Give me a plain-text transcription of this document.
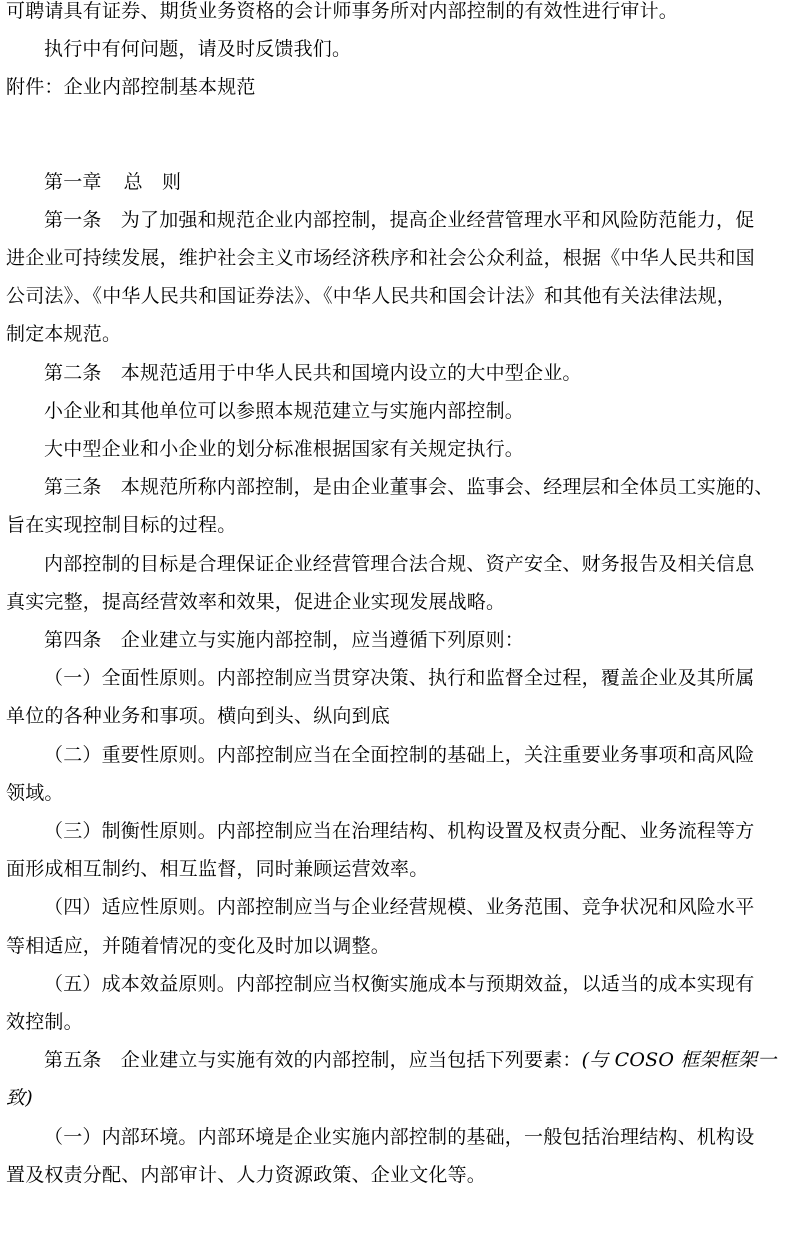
可聘请具有证券、期货业务资格的会计师事务所对内部控制的有效性进行审计。
执行中有何问题，请及时反馈我们。
附件：企业内部控制基本规范
第一章 总　则
第一条　为了加强和规范企业内部控制，提高企业经营管理水平和风险防范能力，促
进企业可持续发展，维护社会主义市场经济秩序和社会公众利益，根据《中华人民共和国
公司法》、《中华人民共和国证券法》、《中华人民共和国会计法》和其他有关法律法规，
制定本规范。
第二条　本规范适用于中华人民共和国境内设立的大中型企业。
小企业和其他单位可以参照本规范建立与实施内部控制。
大中型企业和小企业的划分标准根据国家有关规定执行。
第三条　本规范所称内部控制，是由企业董事会、监事会、经理层和全体员工实施的、
旨在实现控制目标的过程。
内部控制的目标是合理保证企业经营管理合法合规、资产安全、财务报告及相关信息
真实完整，提高经营效率和效果，促进企业实现发展战略。
第四条　企业建立与实施内部控制，应当遵循下列原则：
（一）全面性原则。内部控制应当贯穿决策、执行和监督全过程，覆盖企业及其所属
单位的各种业务和事项。横向到头、纵向到底
（二）重要性原则。内部控制应当在全面控制的基础上，关注重要业务事项和高风险
领域。
（三）制衡性原则。内部控制应当在治理结构、机构设置及权责分配、业务流程等方
面形成相互制约、相互监督，同时兼顾运营效率。
（四）适应性原则。内部控制应当与企业经营规模、业务范围、竞争状况和风险水平
等相适应，并随着情况的变化及时加以调整。
（五）成本效益原则。内部控制应当权衡实施成本与预期效益，以适当的成本实现有
效控制。
第五条　企业建立与实施有效的内部控制，应当包括下列要素：(与 COSO 框架框架一
致)
（一）内部环境。内部环境是企业实施内部控制的基础，一般包括治理结构、机构设
置及权责分配、内部审计、人力资源政策、企业文化等。
